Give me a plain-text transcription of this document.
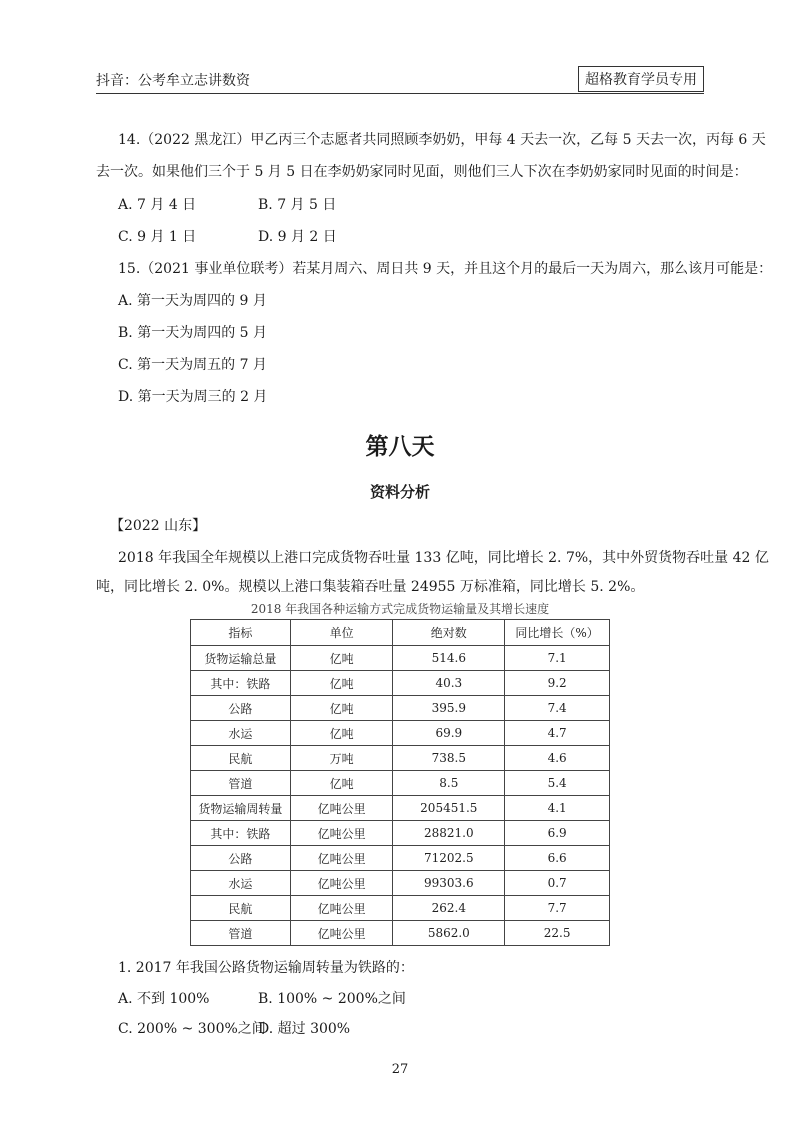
抖音：公考牟立志讲数资	超格教育学员专用
14.（2022 黑龙江）甲乙丙三个志愿者共同照顾李奶奶，甲每 4 天去一次，乙每 5 天去一次，丙每 6 天
去一次。如果他们三个于 5 月 5 日在李奶奶家同时见面，则他们三人下次在李奶奶家同时见面的时间是：
A. 7 月 4 日	B. 7 月 5 日
C. 9 月 1 日	D. 9 月 2 日
15.（2021 事业单位联考）若某月周六、周日共 9 天，并且这个月的最后一天为周六，那么该月可能是：
A. 第一天为周四的 9 月
B. 第一天为周四的 5 月
C. 第一天为周五的 7 月
D. 第一天为周三的 2 月
第八天
资料分析
【2022 山东】
2018 年我国全年规模以上港口完成货物吞吐量 133 亿吨，同比增长 2. 7%，其中外贸货物吞吐量 42 亿
吨，同比增长 2. 0%。规模以上港口集装箱吞吐量 24955 万标准箱，同比增长 5. 2%。
2018 年我国各种运输方式完成货物运输量及其增长速度
指标	单位	绝对数	同比增长（%）
货物运输总量	亿吨	514.6	7.1
其中：铁路	亿吨	40.3	9.2
公路	亿吨	395.9	7.4
水运	亿吨	69.9	4.7
民航	万吨	738.5	4.6
管道	亿吨	8.5	5.4
货物运输周转量	亿吨公里	205451.5	4.1
其中：铁路	亿吨公里	28821.0	6.9
公路	亿吨公里	71202.5	6.6
水运	亿吨公里	99303.6	0.7
民航	亿吨公里	262.4	7.7
管道	亿吨公里	5862.0	22.5
1. 2017 年我国公路货物运输周转量为铁路的：
A. 不到 100%	B. 100% ~ 200%之间
C. 200% ~ 300%之间
D. 超过 300%
27
